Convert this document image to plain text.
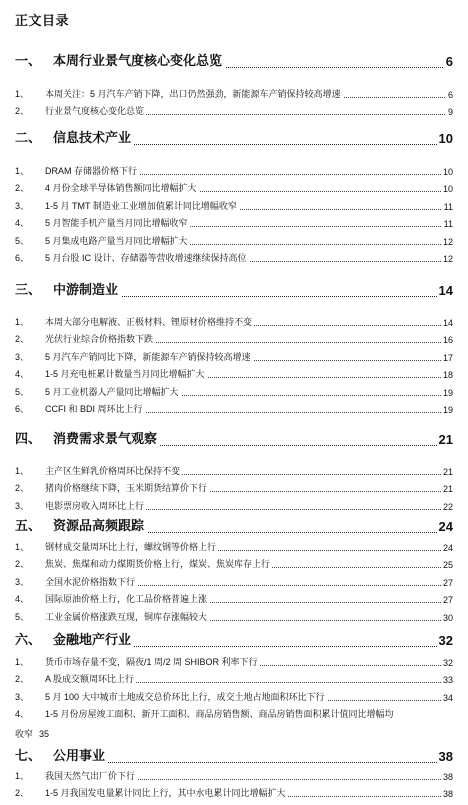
正文目录
一、 本周行业景气度核心变化总览	6
1、 本周关注：5 月汽车产销下降，出口仍然强劲，新能源车产销保持较高增速	6
2、 行业景气度核心变化总览	9
二、 信息技术产业	10
1、 DRAM 存储器价格下行	10
2、 4 月份全球半导体销售额同比增幅扩大	10
3、 1-5 月 TMT 制造业工业增加值累计同比增幅收窄	11
4、 5 月智能手机产量当月同比增幅收窄	11
5、 5 月集成电路产量当月同比增幅扩大	12
6、 5 月台股 IC 设计、存储器等营收增速继续保持高位	12
三、 中游制造业	14
1、 本周大部分电解液、正极材料、锂原材价格维持不变	14
2、 光伏行业综合价格指数下跌	16
3、 5 月汽车产销同比下降，新能源车产销保持较高增速	17
4、 1-5 月充电桩累计数量当月同比增幅扩大	18
5、 5 月工业机器人产量同比增幅扩大	19
6、 CCFI 和 BDI 周环比上行	19
四、 消费需求景气观察	21
1、 主产区生鲜乳价格周环比保持不变	21
2、 猪肉价格继续下降，玉米期货结算价下行	21
3、 电影票房收入周环比上行	22
五、 资源品高频跟踪	24
1、 钢材成交量周环比上行，螺纹钢等价格上行	24
2、 焦炭、焦煤和动力煤期货价格上行，煤炭、焦炭库存上行	25
3、 全国水泥价格指数下行	27
4、 国际原油价格上行，化工品价格普遍上涨	27
5、 工业金属价格涨跌互现，铜库存涨幅较大	30
六、 金融地产行业	32
1、 货币市场存量不变，隔夜/1 周/2 周 SHIBOR 利率下行	32
2、 A 股成交额周环比上行	33
3、 5 月 100 大中城市土地成交总价环比上行，成交土地占地面积环比下行	34
4、 1-5 月份房屋竣工面积、新开工面积、商品房销售额、商品房销售面积累计值同比增幅均
收窄 35
七、 公用事业	38
1、 我国天然气出厂价下行	38
2、 1-5 月我国发电量累计同比上行，其中水电累计同比增幅扩大	38
